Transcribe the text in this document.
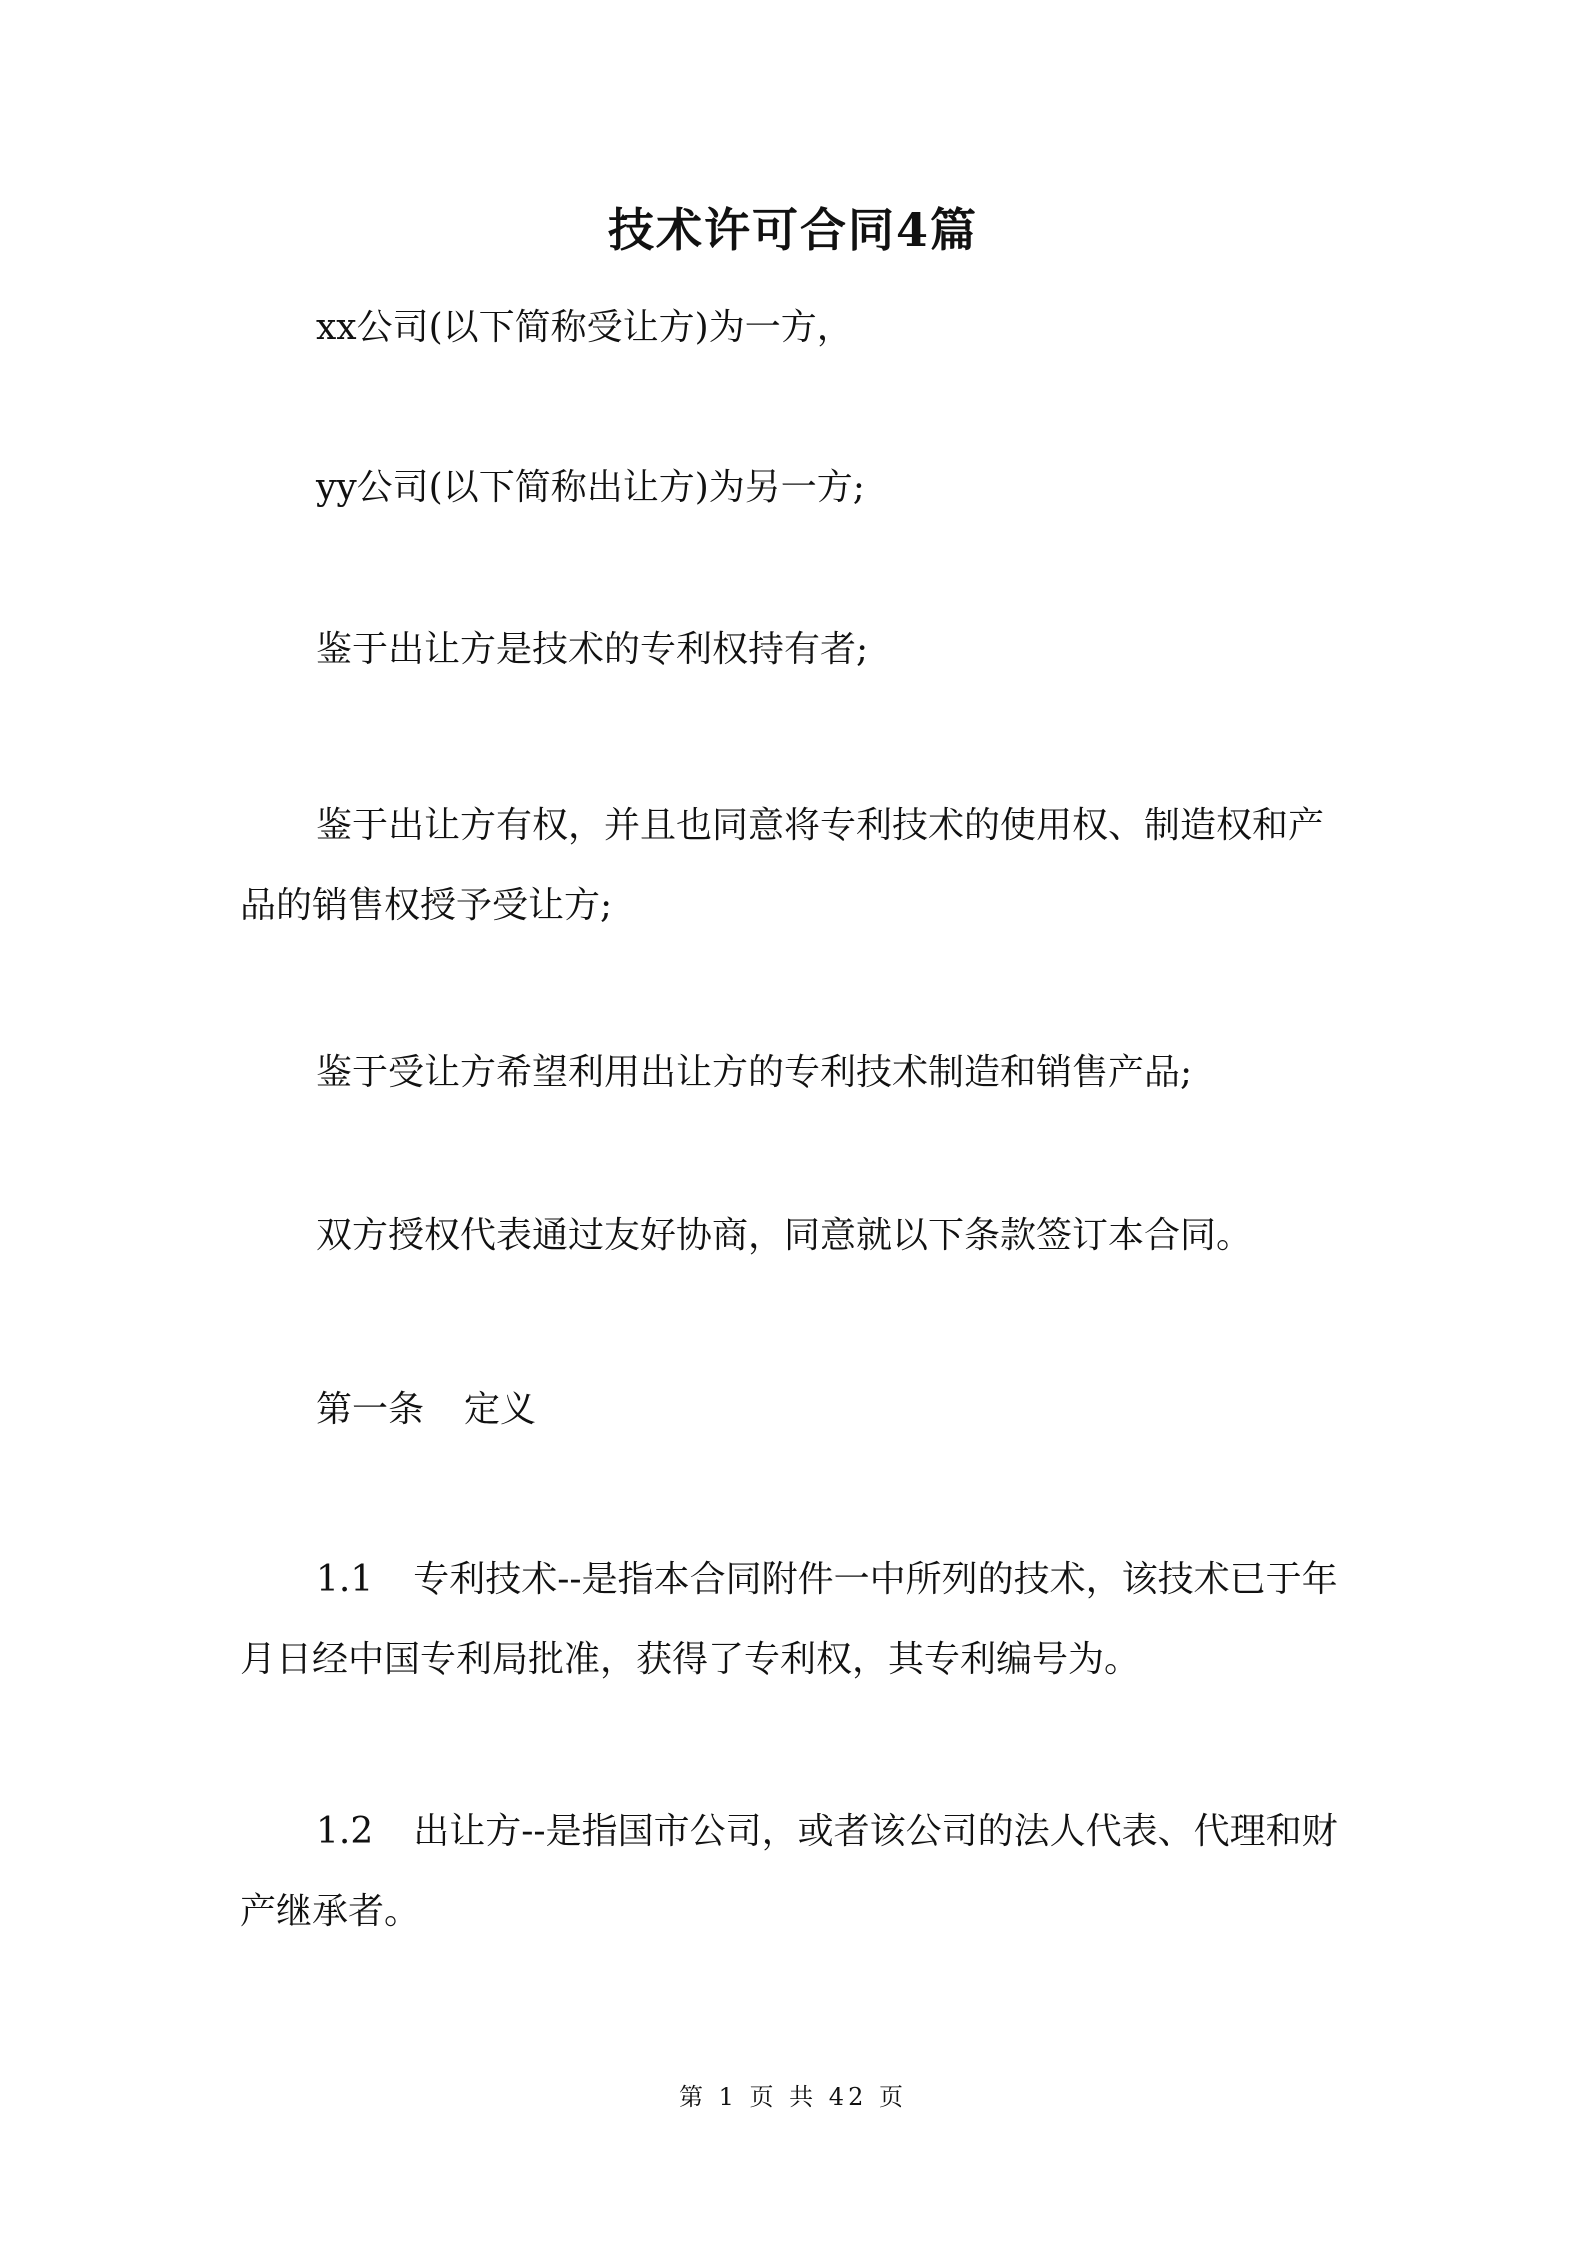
技术许可合同4篇

xx公司(以下简称受让方)为一方，

yy公司(以下简称出让方)为另一方;

鉴于出让方是技术的专利权持有者;

鉴于出让方有权，并且也同意将专利技术的使用权、制造权和产品的销售权授予受让方;

鉴于受让方希望利用出让方的专利技术制造和销售产品;

双方授权代表通过友好协商，同意就以下条款签订本合同。

第一条 定义

1.1 专利技术--是指本合同附件一中所列的技术，该技术已于年月日经中国专利局批准，获得了专利权，其专利编号为。

1.2 出让方--是指国市公司，或者该公司的法人代表、代理和财产继承者。

第 1 页 共 42 页
